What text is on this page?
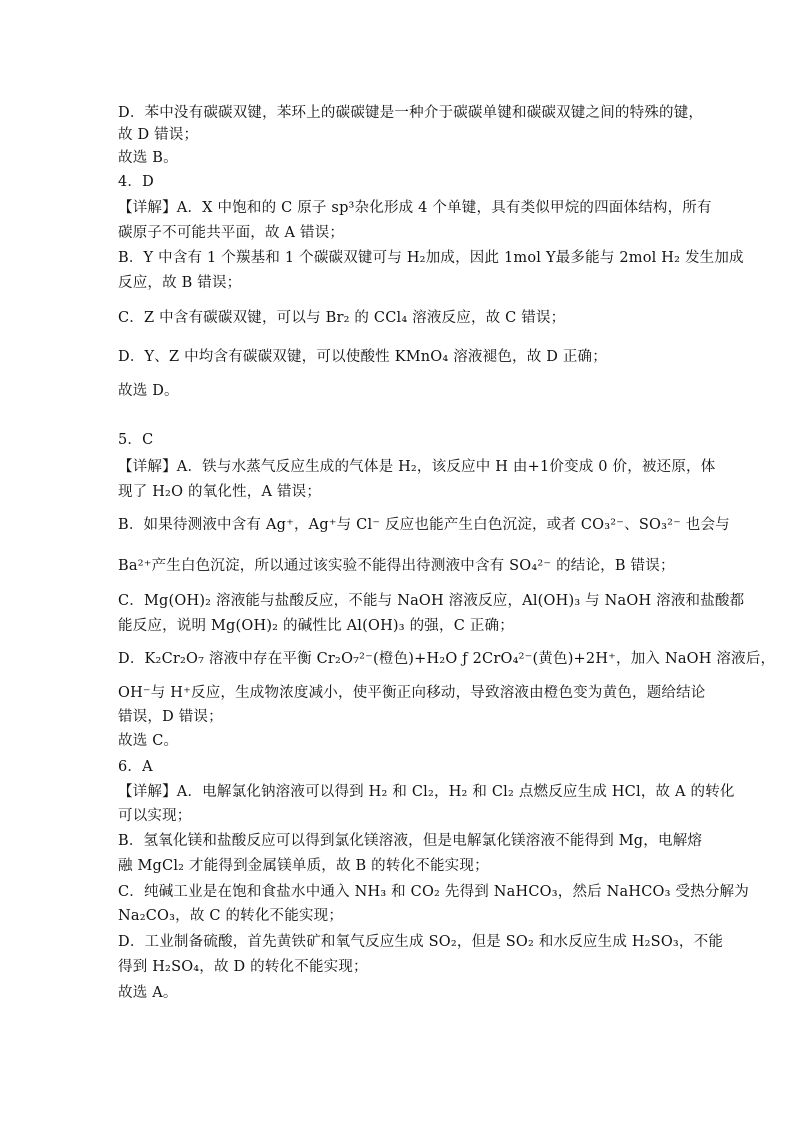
D．苯中没有碳碳双键，苯环上的碳碳键是一种介于碳碳单键和碳碳双键之间的特殊的键，
故 D 错误；
故选 B。
4．D
【详解】A．X 中饱和的 C 原子 sp³杂化形成 4 个单键，具有类似甲烷的四面体结构，所有
碳原子不可能共平面，故 A 错误；
B．Y 中含有 1 个羰基和 1 个碳碳双键可与 H₂加成，因此 1mol Y最多能与 2mol H₂ 发生加成
反应，故 B 错误；
C．Z 中含有碳碳双键，可以与 Br₂ 的 CCl₄ 溶液反应，故 C 错误；
D．Y、Z 中均含有碳碳双键，可以使酸性 KMnO₄ 溶液褪色，故 D 正确；
故选 D。
5．C
【详解】A．铁与水蒸气反应生成的气体是 H₂，该反应中 H 由+1价变成 0 价，被还原，体
现了 H₂O 的氧化性，A 错误；
B．如果待测液中含有 Ag⁺，Ag⁺与 Cl⁻ 反应也能产生白色沉淀，或者 CO₃²⁻、SO₃²⁻ 也会与
Ba²⁺产生白色沉淀，所以通过该实验不能得出待测液中含有 SO₄²⁻ 的结论，B 错误；
C．Mg(OH)₂ 溶液能与盐酸反应，不能与 NaOH 溶液反应，Al(OH)₃ 与 NaOH 溶液和盐酸都
能反应，说明 Mg(OH)₂ 的碱性比 Al(OH)₃ 的强，C 正确；
D．K₂Cr₂O₇ 溶液中存在平衡 Cr₂O₇²⁻(橙色)+H₂O ƒ 2CrO₄²⁻(黄色)+2H⁺，加入 NaOH 溶液后，
OH⁻与 H⁺反应，生成物浓度减小，使平衡正向移动，导致溶液由橙色变为黄色，题给结论
错误，D 错误；
故选 C。
6．A
【详解】A．电解氯化钠溶液可以得到 H₂ 和 Cl₂，H₂ 和 Cl₂ 点燃反应生成 HCl，故 A 的转化
可以实现；
B．氢氧化镁和盐酸反应可以得到氯化镁溶液，但是电解氯化镁溶液不能得到 Mg，电解熔
融 MgCl₂ 才能得到金属镁单质，故 B 的转化不能实现；
C．纯碱工业是在饱和食盐水中通入 NH₃ 和 CO₂ 先得到 NaHCO₃，然后 NaHCO₃ 受热分解为
Na₂CO₃，故 C 的转化不能实现；
D．工业制备硫酸，首先黄铁矿和氧气反应生成 SO₂，但是 SO₂ 和水反应生成 H₂SO₃，不能
得到 H₂SO₄，故 D 的转化不能实现；
故选 A。
